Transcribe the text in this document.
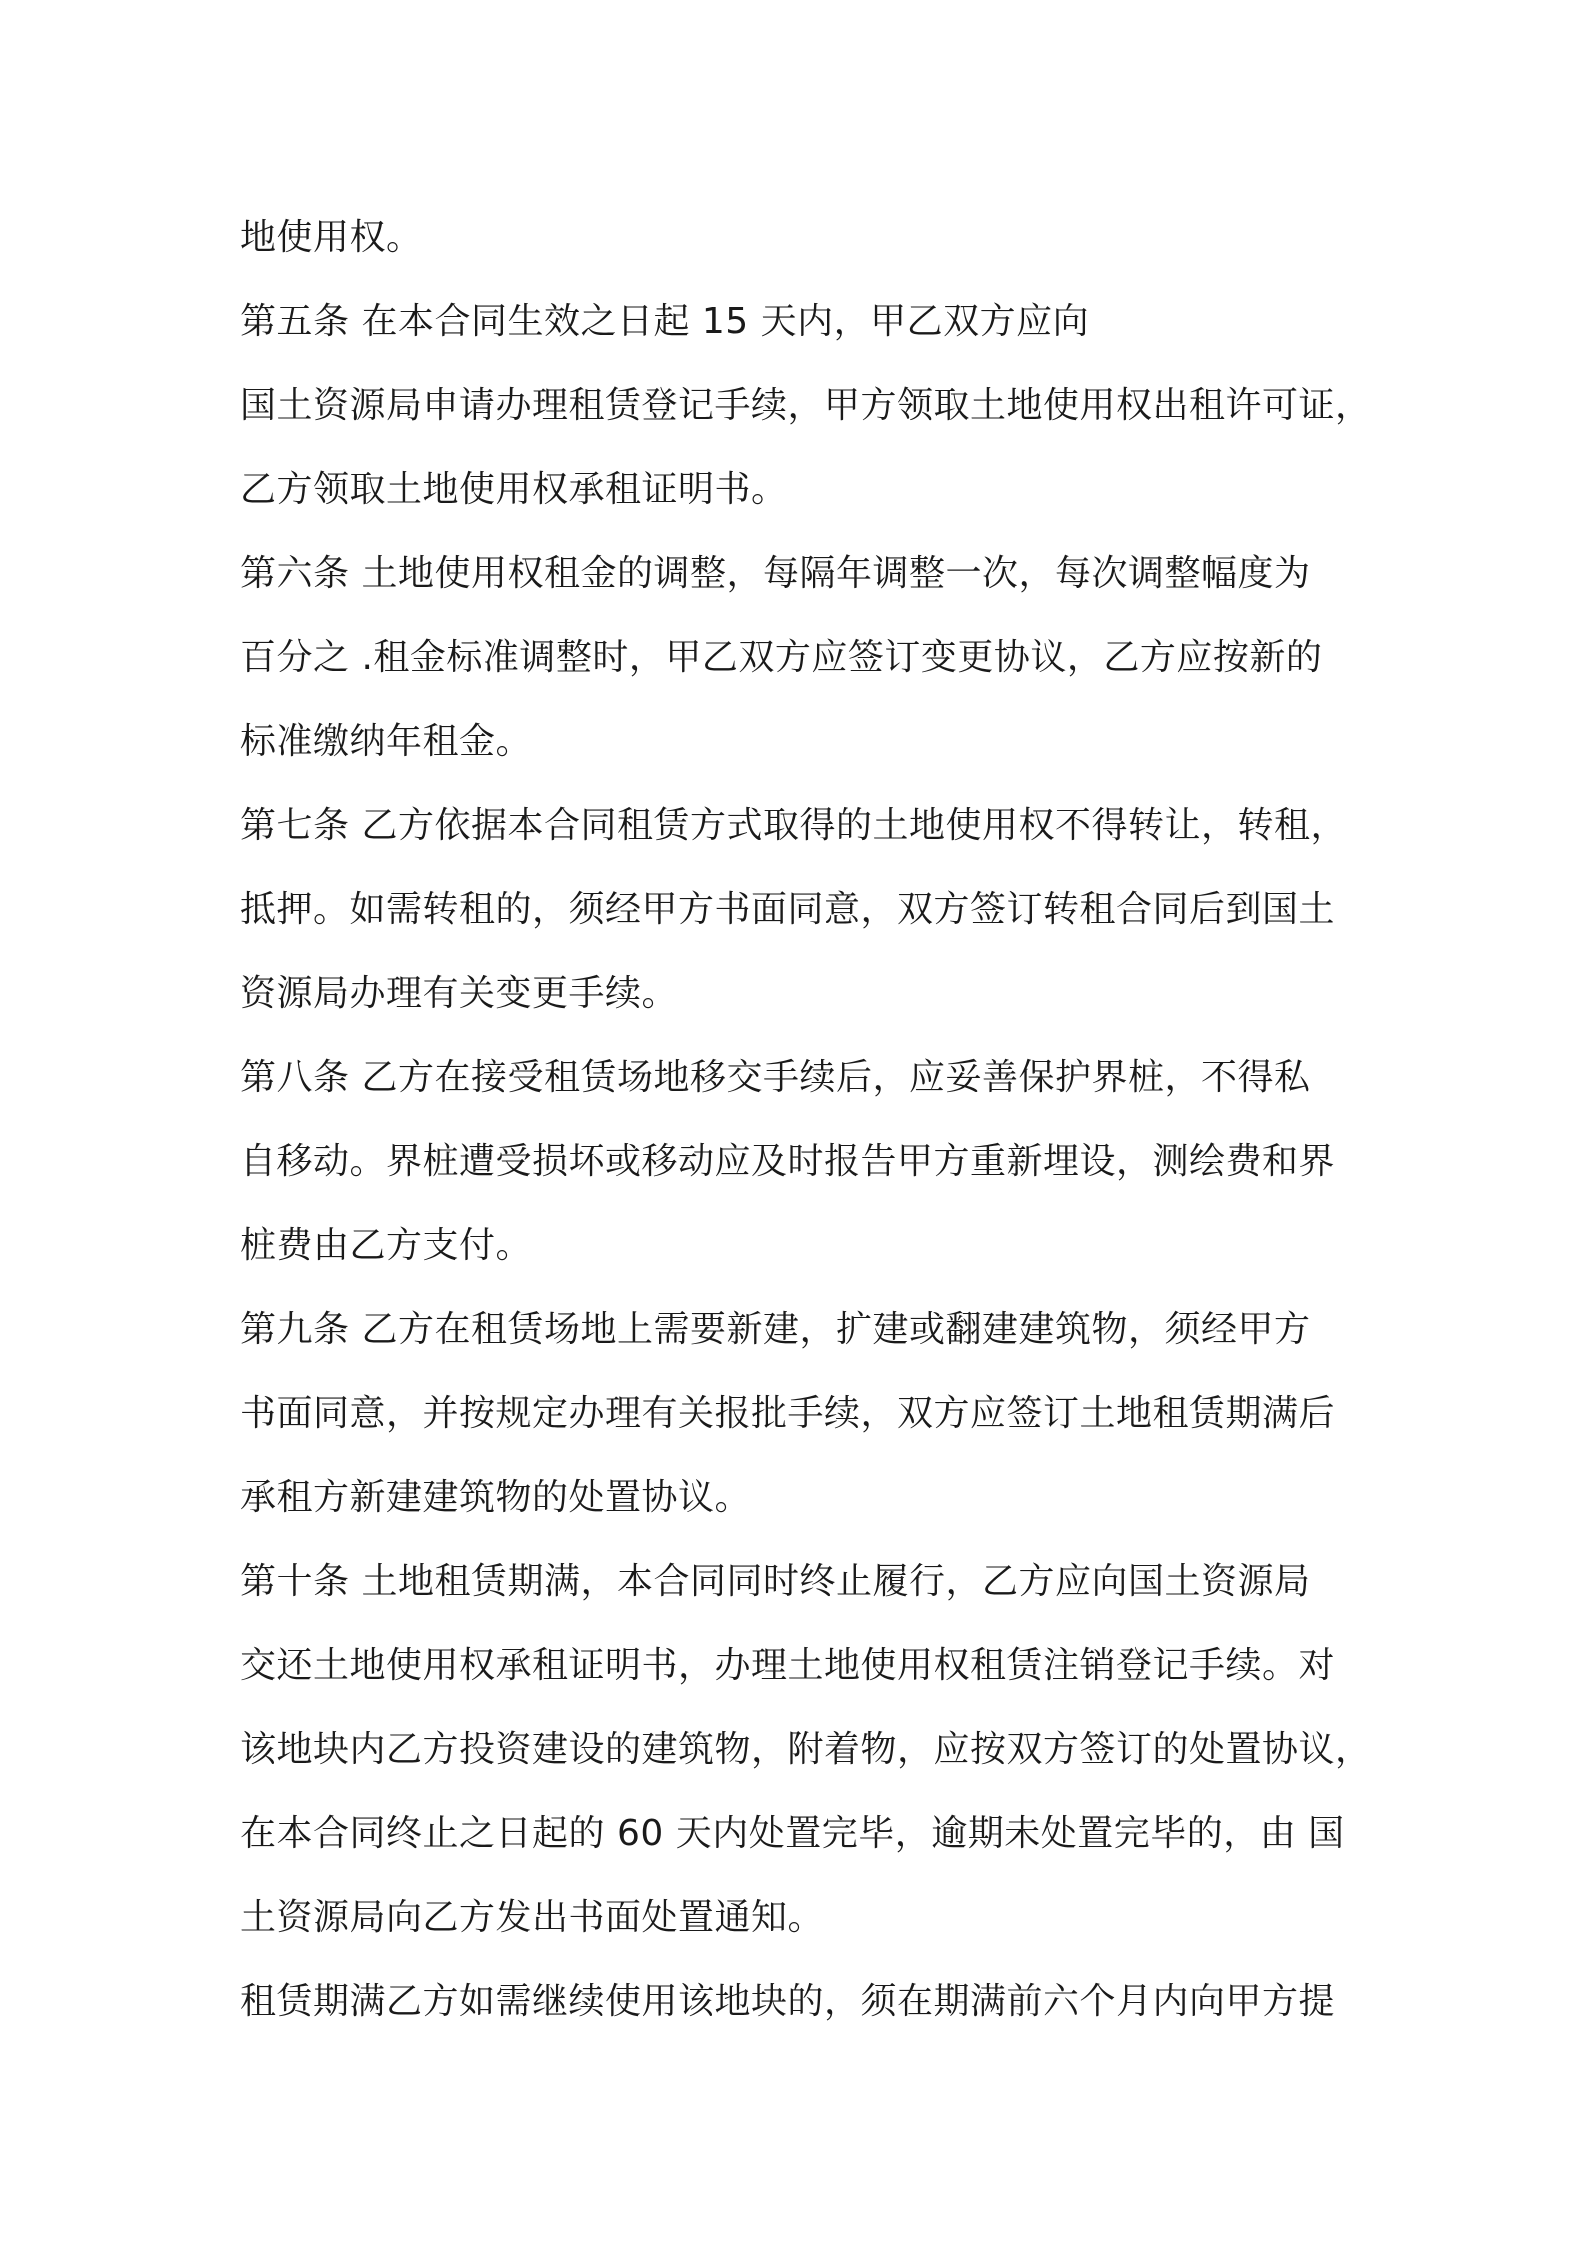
地使用权。
第五条 在本合同生效之日起 15 天内，甲乙双方应向
国土资源局申请办理租赁登记手续，甲方领取土地使用权出租许可证，
乙方领取土地使用权承租证明书。
第六条 土地使用权租金的调整，每隔年调整一次，每次调整幅度为
百分之 .租金标准调整时，甲乙双方应签订变更协议，乙方应按新的
标准缴纳年租金。
第七条 乙方依据本合同租赁方式取得的土地使用权不得转让，转租，
抵押。如需转租的，须经甲方书面同意，双方签订转租合同后到国土
资源局办理有关变更手续。
第八条 乙方在接受租赁场地移交手续后，应妥善保护界桩，不得私
自移动。界桩遭受损坏或移动应及时报告甲方重新埋设，测绘费和界
桩费由乙方支付。
第九条 乙方在租赁场地上需要新建，扩建或翻建建筑物，须经甲方
书面同意，并按规定办理有关报批手续，双方应签订土地租赁期满后
承租方新建建筑物的处置协议。
第十条 土地租赁期满，本合同同时终止履行，乙方应向国土资源局
交还土地使用权承租证明书，办理土地使用权租赁注销登记手续。对
该地块内乙方投资建设的建筑物，附着物，应按双方签订的处置协议，
在本合同终止之日起的 60 天内处置完毕，逾期未处置完毕的，由 国
土资源局向乙方发出书面处置通知。
租赁期满乙方如需继续使用该地块的，须在期满前六个月内向甲方提
